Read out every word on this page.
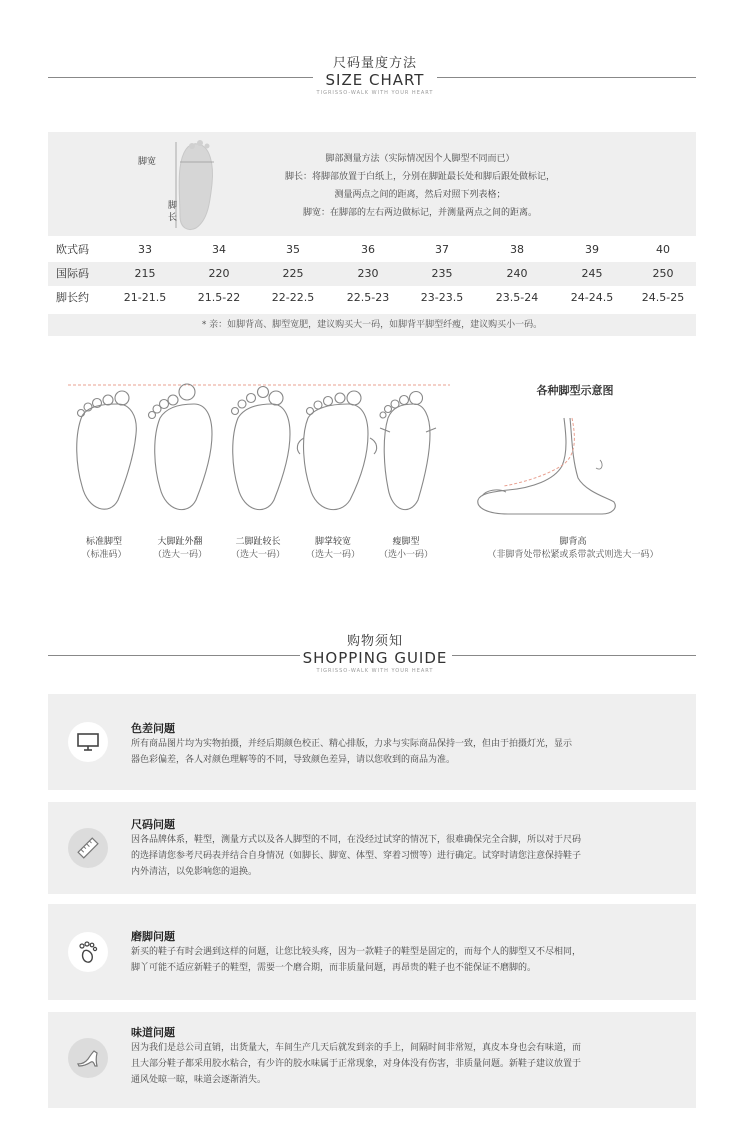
尺码量度方法
SIZE CHART
TIGRISSO-WALK WITH YOUR HEART
脚宽
脚
长
脚部测量方法（实际情况因个人脚型不同而已）
脚长：将脚部放置于白纸上，分别在脚趾最长处和脚后跟处做标记，
测量两点之间的距离，然后对照下列表格；
脚宽：在脚部的左右两边做标记，并测量两点之间的距离。
欧式码	33	34	35	36	37	38	39	40
国际码	215	220	225	230	235	240	245	250
脚长约	21-21.5	21.5-22	22-22.5	22.5-23	23-23.5	23.5-24	24-24.5	24.5-25
* 亲：如脚背高、脚型宽肥，建议购买大一码，如脚背平脚型纤瘦，建议购买小一码。
标准脚型
（标准码）
大脚趾外翻
（选大一码）
二脚趾较长
（选大一码）
脚掌较宽
（选大一码）
瘦脚型
（选小一码）
各种脚型示意图
脚背高
（非脚背处带松紧或系带款式则选大一码）
购物须知
SHOPPING GUIDE
TIGRISSO-WALK WITH YOUR HEART
色差问题
所有商品图片均为实物拍摄，并经后期颜色校正、精心排版，力求与实际商品保持一致，但由于拍摄灯光，显示
器色彩偏差，各人对颜色理解等的不同，导致颜色差异，请以您收到的商品为准。
尺码问题
因各品牌体系，鞋型，测量方式以及各人脚型的不同，在没经过试穿的情况下，很难确保完全合脚，所以对于尺码
的选择请您参考尺码表并结合自身情况（如脚长、脚宽、体型、穿着习惯等）进行确定。试穿时请您注意保持鞋子
内外清洁，以免影响您的退换。
磨脚问题
新买的鞋子有时会遇到这样的问题，让您比较头疼，因为一款鞋子的鞋型是固定的，而每个人的脚型又不尽相同，
脚丫可能不适应新鞋子的鞋型，需要一个磨合期，而非质量问题，再昂贵的鞋子也不能保证不磨脚的。
味道问题
因为我们是总公司直销，出货量大，车间生产几天后就发到亲的手上，间隔时间非常短，真皮本身也会有味道，而
且大部分鞋子都采用胶水粘合，有少许的胶水味属于正常现象，对身体没有伤害，非质量问题。新鞋子建议放置于
通风处晾一晾，味道会逐渐消失。
